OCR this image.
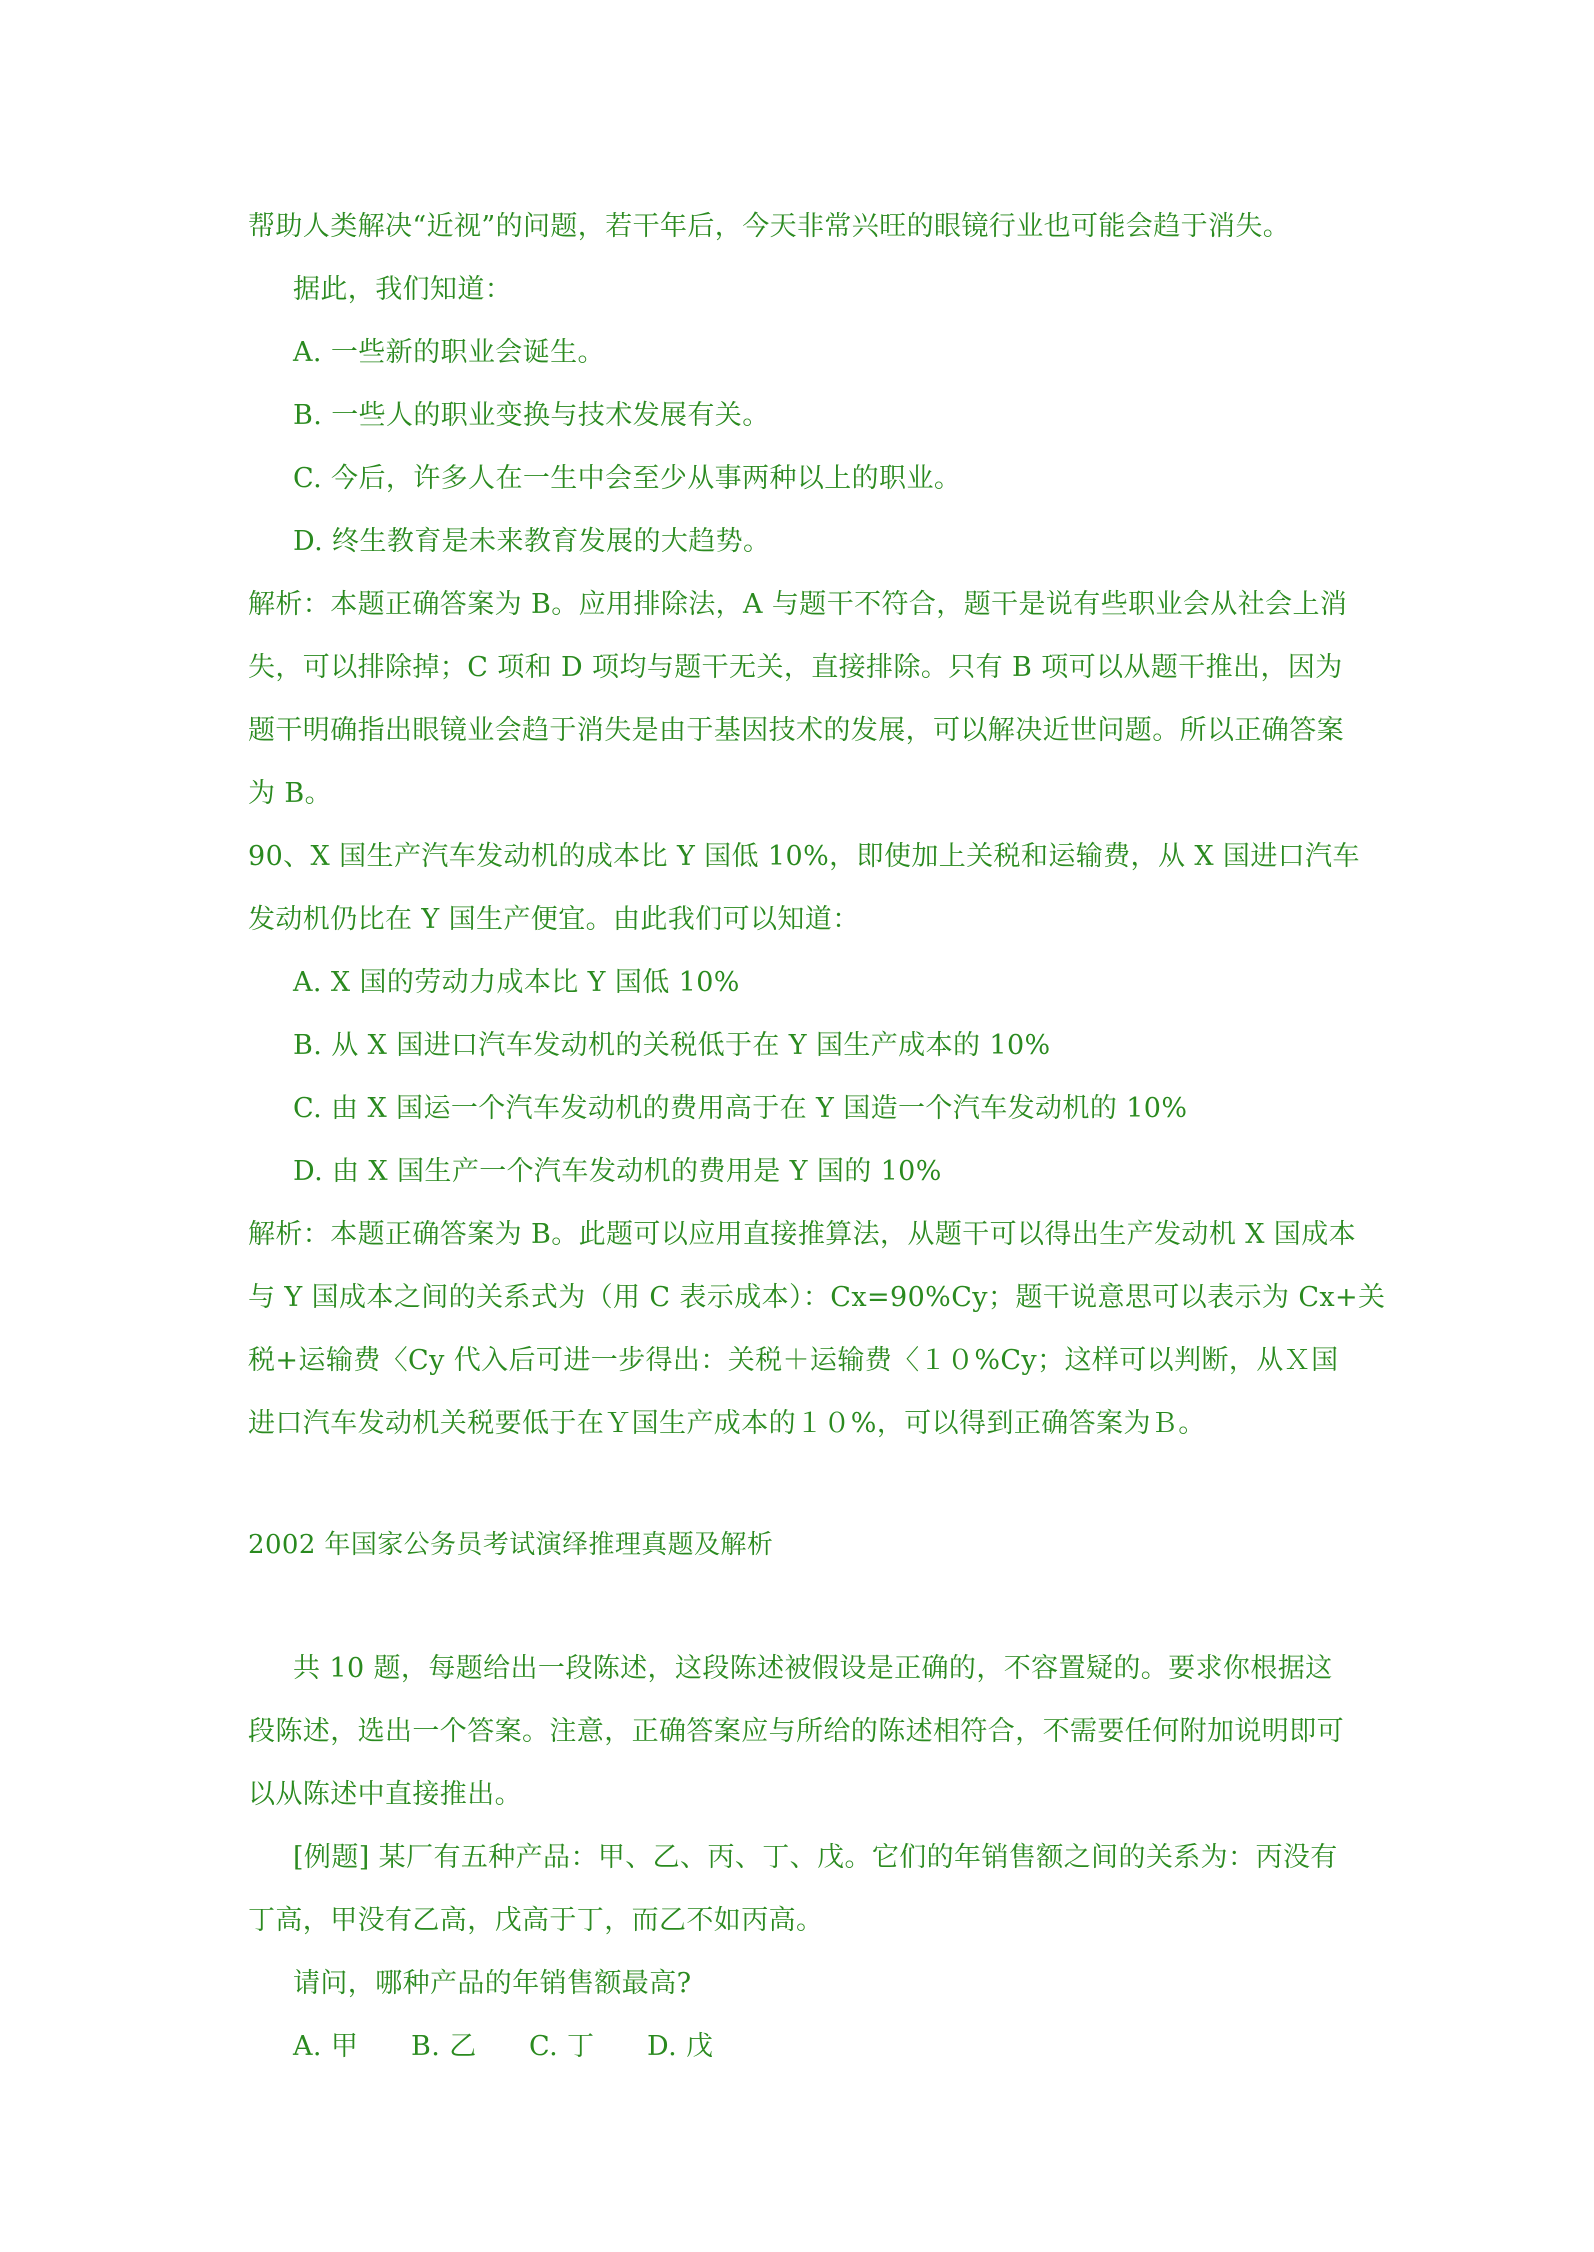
帮助人类解决“近视”的问题，若干年后，今天非常兴旺的眼镜行业也可能会趋于消失。
据此，我们知道：
A. 一些新的职业会诞生。
B. 一些人的职业变换与技术发展有关。
C. 今后，许多人在一生中会至少从事两种以上的职业。
D. 终生教育是未来教育发展的大趋势。
解析：本题正确答案为 B。应用排除法，A 与题干不符合，题干是说有些职业会从社会上消
失，可以排除掉；C 项和 D 项均与题干无关，直接排除。只有 B 项可以从题干推出，因为
题干明确指出眼镜业会趋于消失是由于基因技术的发展，可以解决近世问题。所以正确答案
为 B。
90、X 国生产汽车发动机的成本比 Y 国低 10%，即使加上关税和运输费，从 X 国进口汽车
发动机仍比在 Y 国生产便宜。由此我们可以知道：
A. X 国的劳动力成本比 Y 国低 10%
B. 从 X 国进口汽车发动机的关税低于在 Y 国生产成本的 10%
C. 由 X 国运一个汽车发动机的费用高于在 Y 国造一个汽车发动机的 10%
D. 由 X 国生产一个汽车发动机的费用是 Y 国的 10%
解析：本题正确答案为 B。此题可以应用直接推算法，从题干可以得出生产发动机 X 国成本
与 Y 国成本之间的关系式为（用 C 表示成本）：Cx=90%Cy；题干说意思可以表示为 Cx+关
税+运输费〈Cy 代入后可进一步得出：关税＋运输费〈１０%Cy；这样可以判断，从Ｘ国
进口汽车发动机关税要低于在Ｙ国生产成本的１０%，可以得到正确答案为Ｂ。
2002 年国家公务员考试演绎推理真题及解析
共 10 题，每题给出一段陈述，这段陈述被假设是正确的，不容置疑的。要求你根据这
段陈述，选出一个答案。注意，正确答案应与所给的陈述相符合，不需要任何附加说明即可
以从陈述中直接推出。
[例题] 某厂有五种产品：甲、乙、丙、丁、戊。它们的年销售额之间的关系为：丙没有
丁高，甲没有乙高，戊高于丁，而乙不如丙高。
请问，哪种产品的年销售额最高?
A. 甲 B. 乙 C. 丁 D. 戊
